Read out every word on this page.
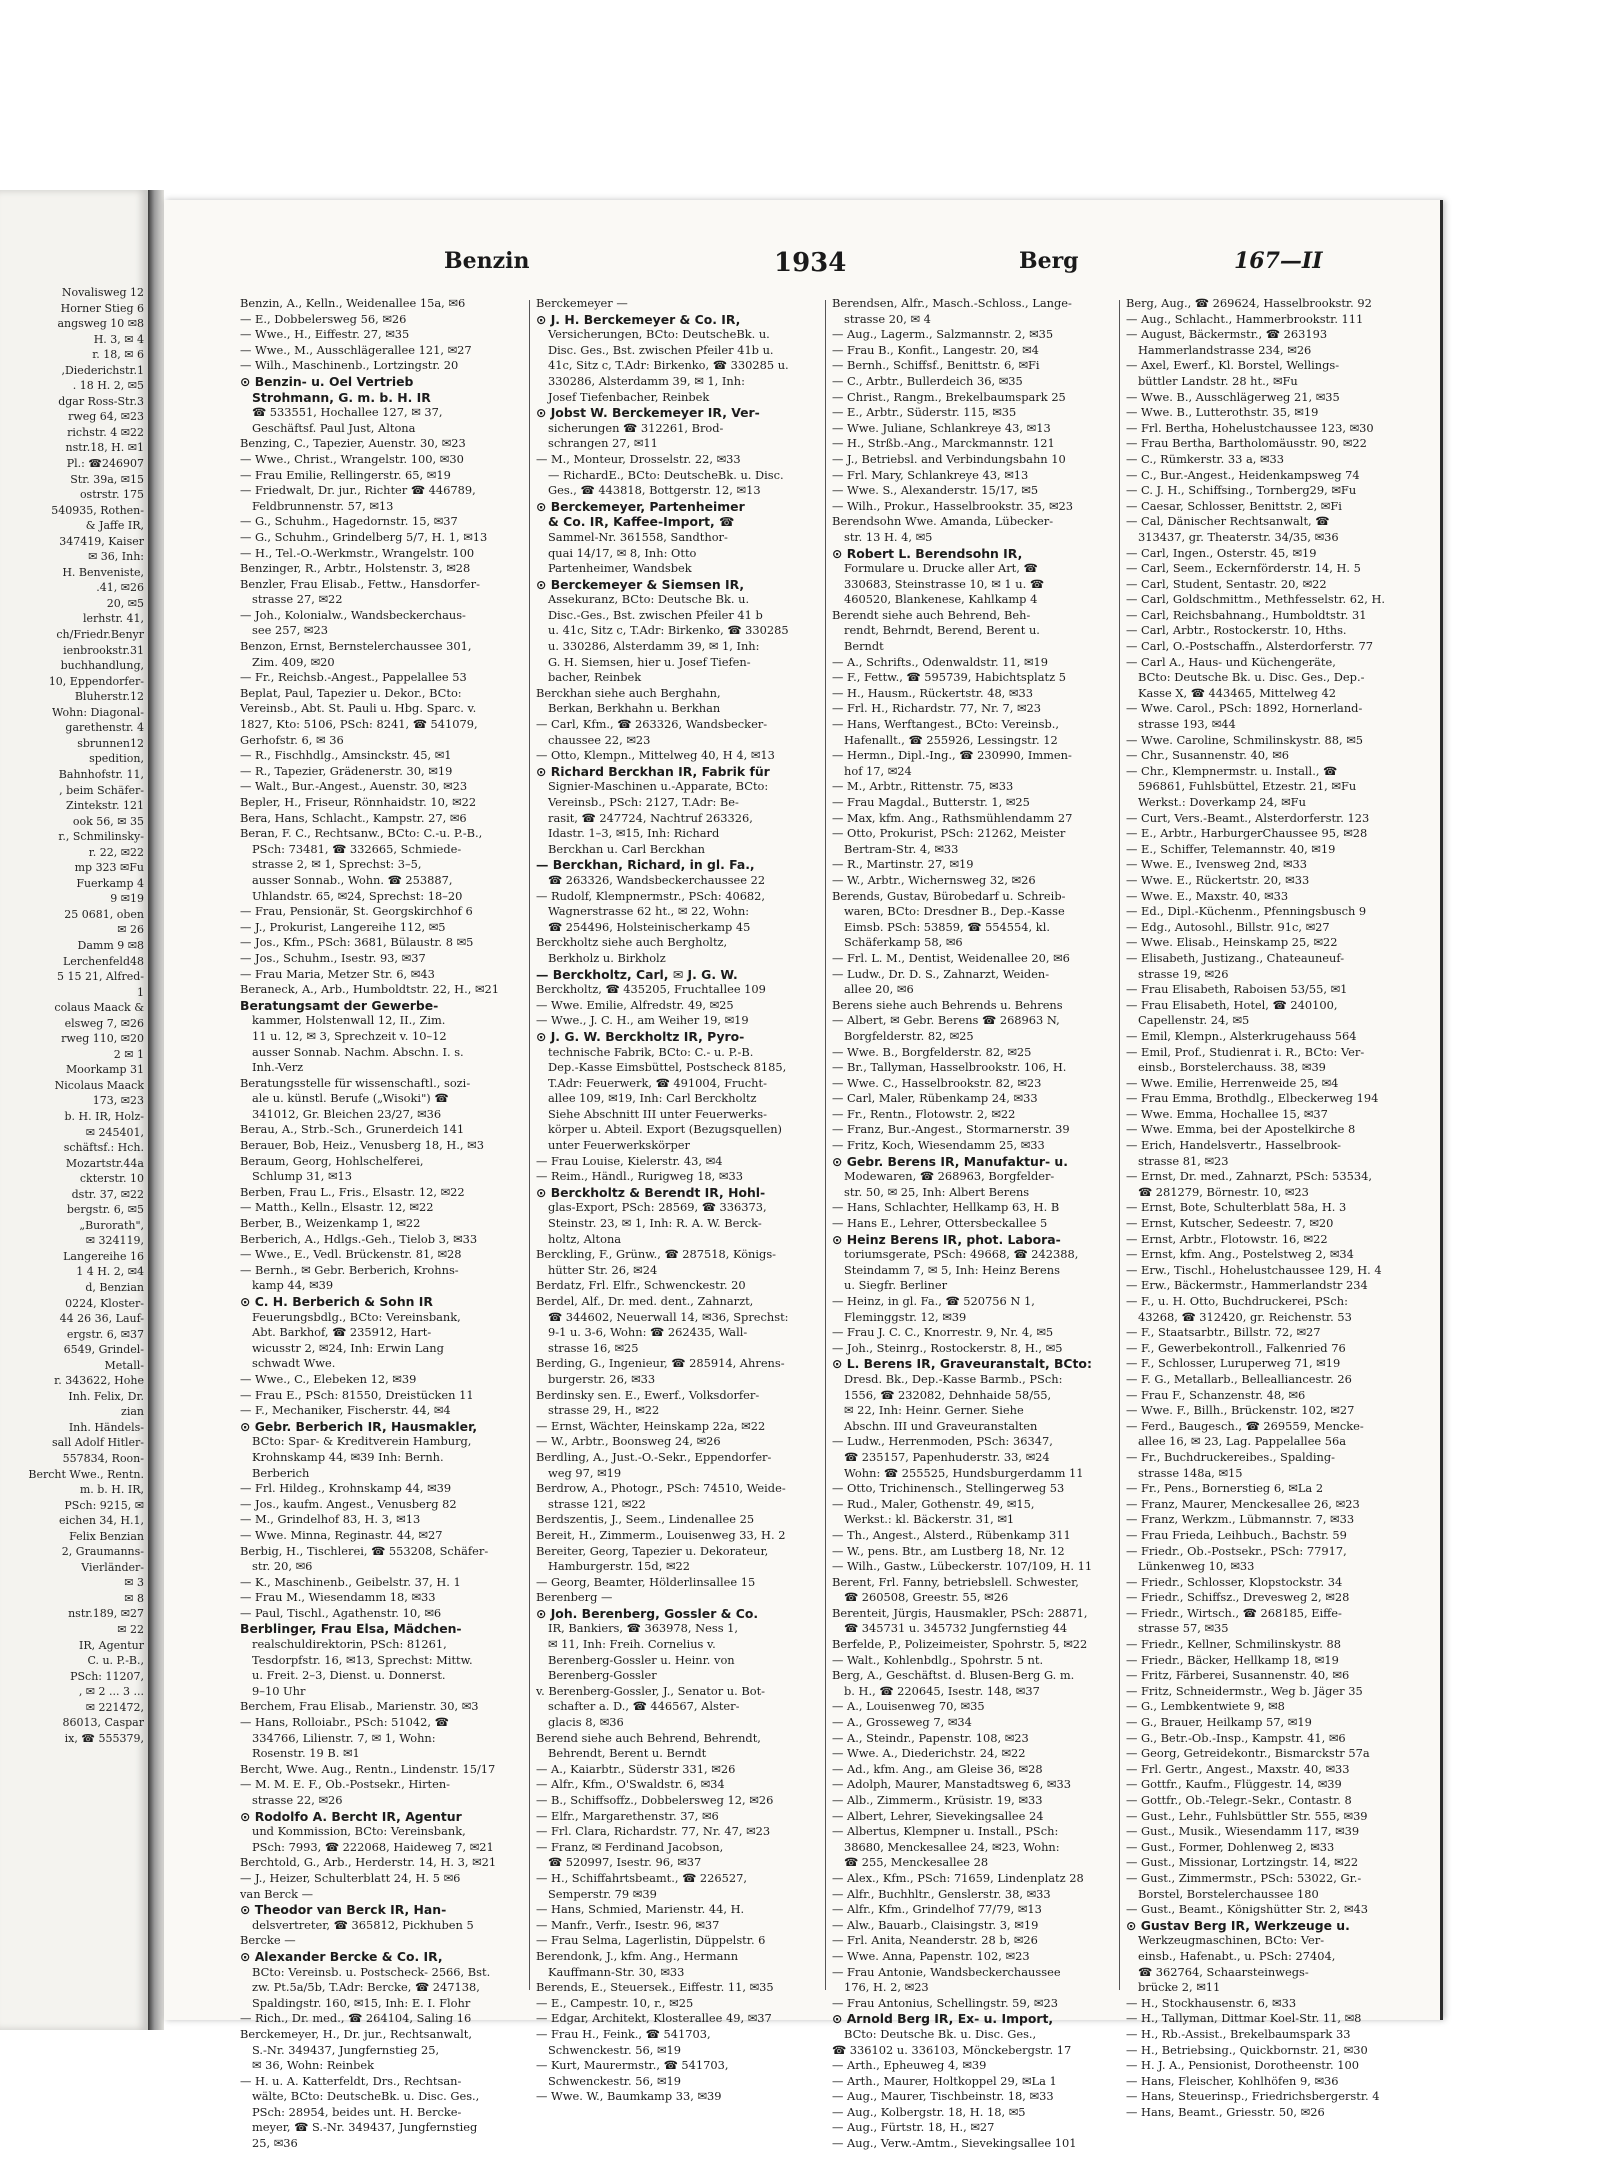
Novalisweg 12
Horner Stieg 6
angsweg 10 ✉8
H. 3, ✉ 4
r. 18, ✉ 6
,Diederichstr.1
. 18 H. 2, ✉5
dgar Ross-Str.3
rweg 64, ✉23
richstr. 4 ✉22
nstr.18, H. ✉1
Pl.: ☎246907
Str. 39a, ✉15
ostrstr. 175
540935, Rothen-
& Jaffe IR,
347419, Kaiser
✉ 36, Inh:
H. Benveniste,
.41, ✉26
20, ✉5
lerhstr. 41,
ch/Friedr.Benyr
ienbrookstr.31
buchhandlung,
10, Eppendorfer-
Bluherstr.12
Wohn: Diagonal-
garethenstr. 4
sbrunnen12
spedition,
Bahnhofstr. 11,
, beim Schäfer-
Zintekstr. 121
ook 56, ✉ 35
r., Schmilinsky-
r. 22, ✉22
mp 323 ✉Fu
Fuerkamp 4
9 ✉19
25 0681, oben
✉ 26
Damm 9 ✉8
Lerchenfeld48
5 15 21, Alfred-
1
colaus Maack &
elsweg 7, ✉26
rweg 110, ✉20
2 ✉ 1
Moorkamp 31
Nicolaus Maack
173, ✉23
b. H. IR, Holz-
✉ 245401,
schäftsf.: Hch.
Mozartstr.44a
ckterstr. 10
dstr. 37, ✉22
bergstr. 6, ✉5
„Burorath",
✉ 324119,
Langereihe 16
1 4 H. 2, ✉4
d, Benzian
0224, Kloster-
44 26 36, Lauf-
ergstr. 6, ✉37
6549, Grindel-
Metall-
r. 343622, Hohe
Inh. Felix, Dr.
zian
Inh. Händels-
sall Adolf Hitler-
557834, Roon-
Bercht Wwe., Rentn.
m. b. H. IR,
PSch: 9215, ✉
eichen 34, H.1,
Felix Benzian
2, Graumanns-
Vierländer-
✉ 3
✉ 8
nstr.189, ✉27
✉ 22
IR, Agentur
C. u. P.-B.,
PSch: 11207,
, ✉ 2 ... 3 ...
✉ 221472,
86013, Caspar
ix, ☎ 555379,
Benzin	1934	Berg	167—II
Benzin, A., Kelln., Weidenallee 15a, ✉6
— E., Dobbelersweg 56, ✉26
— Wwe., H., Eiffestr. 27, ✉35
— Wwe., M., Ausschlägerallee 121, ✉27
— Wilh., Maschinenb., Lortzingstr. 20
⊙ Benzin- u. Oel Vertrieb
Strohmann, G. m. b. H. IR
☎ 533551, Hochallee 127, ✉ 37,
Geschäftsf. Paul Just, Altona
Benzing, C., Tapezier, Auenstr. 30, ✉23
— Wwe., Christ., Wrangelstr. 100, ✉30
— Frau Emilie, Rellingerstr. 65, ✉19
— Friedwalt, Dr. jur., Richter ☎ 446789,
Feldbrunnenstr. 57, ✉13
— G., Schuhm., Hagedornstr. 15, ✉37
— G., Schuhm., Grindelberg 5/7, H. 1, ✉13
— H., Tel.-O.-Werkmstr., Wrangelstr. 100
Benzinger, R., Arbtr., Holstenstr. 3, ✉28
Benzler, Frau Elisab., Fettw., Hansdorfer-
strasse 27, ✉22
— Joh., Kolonialw., Wandsbeckerchaus-
see 257, ✉23
Benzon, Ernst, Bernstelerchaussee 301,
Zim. 409, ✉20
— Fr., Reichsb.-Angest., Pappelallee 53
Beplat, Paul, Tapezier u. Dekor., BCto:
Vereinsb., Abt. St. Pauli u. Hbg. Sparc. v.
1827, Kto: 5106, PSch: 8241, ☎ 541079,
Gerhofstr. 6, ✉ 36
— R., Fischhdlg., Amsinckstr. 45, ✉1
— R., Tapezier, Grädenerstr. 30, ✉19
— Walt., Bur.-Angest., Auenstr. 30, ✉23
Bepler, H., Friseur, Rönnhaidstr. 10, ✉22
Bera, Hans, Schlacht., Kampstr. 27, ✉6
Beran, F. C., Rechtsanw., BCto: C.-u. P.-B.,
PSch: 73481, ☎ 332665, Schmiede-
strasse 2, ✉ 1, Sprechst: 3–5,
ausser Sonnab., Wohn. ☎ 253887,
Uhlandstr. 65, ✉24, Sprechst: 18–20
— Frau, Pensionär, St. Georgskirchhof 6
— J., Prokurist, Langereihe 112, ✉5
— Jos., Kfm., PSch: 3681, Bülaustr. 8 ✉5
— Jos., Schuhm., Isestr. 93, ✉37
— Frau Maria, Metzer Str. 6, ✉43
Beraneck, A., Arb., Humboldtstr. 22, H., ✉21
Beratungsamt der Gewerbe-
kammer, Holstenwall 12, II., Zim.
11 u. 12, ✉ 3, Sprechzeit v. 10–12
ausser Sonnab. Nachm. Abschn. I. s.
Inh.-Verz
Beratungsstelle für wissenschaftl., sozi-
ale u. künstl. Berufe („Wisoki") ☎
341012, Gr. Bleichen 23/27, ✉36
Berau, A., Strb.-Sch., Grunerdeich 141
Berauer, Bob, Heiz., Venusberg 18, H., ✉3
Beraum, Georg, Hohlschelferei,
Schlump 31, ✉13
Berben, Frau L., Fris., Elsastr. 12, ✉22
— Matth., Kelln., Elsastr. 12, ✉22
Berber, B., Weizenkamp 1, ✉22
Berberich, A., Hdlgs.-Geh., Tielob 3, ✉33
— Wwe., E., Vedl. Brückenstr. 81, ✉28
— Bernh., ✉ Gebr. Berberich, Krohns-
kamp 44, ✉39
⊙ C. H. Berberich & Sohn IR
Feuerungsbdlg., BCto: Vereinsbank,
Abt. Barkhof, ☎ 235912, Hart-
wicusstr 2, ✉24, Inh: Erwin Lang
schwadt Wwe.
— Wwe., C., Elebeken 12, ✉39
— Frau E., PSch: 81550, Dreistücken 11
— F., Mechaniker, Fischerstr. 44, ✉4
⊙ Gebr. Berberich IR, Hausmakler,
BCto: Spar- & Kreditverein Hamburg,
Krohnskamp 44, ✉39 Inh: Bernh.
Berberich
— Frl. Hildeg., Krohnskamp 44, ✉39
— Jos., kaufm. Angest., Venusberg 82
— M., Grindelhof 83, H. 3, ✉13
— Wwe. Minna, Reginastr. 44, ✉27
Berbig, H., Tischlerei, ☎ 553208, Schäfer-
str. 20, ✉6
— K., Maschinenb., Geibelstr. 37, H. 1
— Frau M., Wiesendamm 18, ✉33
— Paul, Tischl., Agathenstr. 10, ✉6
Berblinger, Frau Elsa, Mädchen-
realschuldirektorin, PSch: 81261,
Tesdorpfstr. 16, ✉13, Sprechst: Mittw.
u. Freit. 2–3, Dienst. u. Donnerst.
9–10 Uhr
Berchem, Frau Elisab., Marienstr. 30, ✉3
— Hans, Rolloiabr., PSch: 51042, ☎
334766, Lilienstr. 7, ✉ 1, Wohn:
Rosenstr. 19 B. ✉1
Bercht, Wwe. Aug., Rentn., Lindenstr. 15/17
— M. M. E. F., Ob.-Postsekr., Hirten-
strasse 22, ✉26
⊙ Rodolfo A. Bercht IR, Agentur
und Kommission, BCto: Vereinsbank,
PSch: 7993, ☎ 222068, Haideweg 7, ✉21
Berchtold, G., Arb., Herderstr. 14, H. 3, ✉21
— J., Heizer, Schulterblatt 24, H. 5 ✉6
van Berck —
⊙ Theodor van Berck IR, Han-
delsvertreter, ☎ 365812, Pickhuben 5
Bercke —
⊙ Alexander Bercke & Co. IR,
BCto: Vereinsb. u. Postscheck- 2566, Bst.
zw. Pt.5a/5b, T.Adr: Bercke, ☎ 247138,
Spaldingstr. 160, ✉15, Inh: E. I. Flohr
— Rich., Dr. med., ☎ 264104, Saling 16
Berckemeyer, H., Dr. jur., Rechtsanwalt,
S.-Nr. 349437, Jungfernstieg 25,
✉ 36, Wohn: Reinbek
— H. u. A. Katterfeldt, Drs., Rechtsan-
wälte, BCto: DeutscheBk. u. Disc. Ges.,
PSch: 28954, beides unt. H. Bercke-
meyer, ☎ S.-Nr. 349437, Jungfernstieg
25, ✉36
Berckemeyer —
⊙ J. H. Berckemeyer & Co. IR,
Versicherungen, BCto: DeutscheBk. u.
Disc. Ges., Bst. zwischen Pfeiler 41b u.
41c, Sitz c, T.Adr: Birkenko, ☎ 330285 u.
330286, Alsterdamm 39, ✉ 1, Inh:
Josef Tiefenbacher, Reinbek
⊙ Jobst W. Berckemeyer IR, Ver-
sicherungen ☎ 312261, Brod-
schrangen 27, ✉11
— M., Monteur, Drosselstr. 22, ✉33
— RichardE., BCto: DeutscheBk. u. Disc.
Ges., ☎ 443818, Bottgerstr. 12, ✉13
⊙ Berckemeyer, Partenheimer
& Co. IR, Kaffee-Import, ☎
Sammel-Nr. 361558, Sandthor-
quai 14/17, ✉ 8, Inh: Otto
Partenheimer, Wandsbek
⊙ Berckemeyer & Siemsen IR,
Assekuranz, BCto: Deutsche Bk. u.
Disc.-Ges., Bst. zwischen Pfeiler 41 b
u. 41c, Sitz c, T.Adr: Birkenko, ☎ 330285
u. 330286, Alsterdamm 39, ✉ 1, Inh:
G. H. Siemsen, hier u. Josef Tiefen-
bacher, Reinbek
Berckhan siehe auch Berghahn,
Berkan, Berkhahn u. Berkhan
— Carl, Kfm., ☎ 263326, Wandsbecker-
chaussee 22, ✉23
— Otto, Klempn., Mittelweg 40, H 4, ✉13
⊙ Richard Berckhan IR, Fabrik für
Signier-Maschinen u.-Apparate, BCto:
Vereinsb., PSch: 2127, T.Adr: Be-
rasit, ☎ 247724, Nachtruf 263326,
Idastr. 1–3, ✉15, Inh: Richard
Berckhan u. Carl Berckhan
— Berckhan, Richard, in gl. Fa.,
☎ 263326, Wandsbeckerchaussee 22
— Rudolf, Klempnermstr., PSch: 40682,
Wagnerstrasse 62 ht., ✉ 22, Wohn:
☎ 254496, Holsteinischerkamp 45
Berckholtz siehe auch Bergholtz,
Berkholz u. Birkholz
— Berckholtz, Carl, ✉ J. G. W.
Berckholtz, ☎ 435205, Fruchtallee 109
— Wwe. Emilie, Alfredstr. 49, ✉25
— Wwe., J. C. H., am Weiher 19, ✉19
⊙ J. G. W. Berckholtz IR, Pyro-
technische Fabrik, BCto: C.- u. P.-B.
Dep.-Kasse Eimsbüttel, Postscheck 8185,
T.Adr: Feuerwerk, ☎ 491004, Frucht-
allee 109, ✉19, Inh: Carl Berckholtz
Siehe Abschnitt III unter Feuerwerks-
körper u. Abteil. Export (Bezugsquellen)
unter Feuerwerkskörper
— Frau Louise, Kielerstr. 43, ✉4
— Reim., Händl., Rurigweg 18, ✉33
⊙ Berckholtz & Berendt IR, Hohl-
glas-Export, PSch: 28569, ☎ 336373,
Steinstr. 23, ✉ 1, Inh: R. A. W. Berck-
holtz, Altona
Berckling, F., Grünw., ☎ 287518, Königs-
hütter Str. 26, ✉24
Berdatz, Frl. Elfr., Schwenckestr. 20
Berdel, Alf., Dr. med. dent., Zahnarzt,
☎ 344602, Neuerwall 14, ✉36, Sprechst:
9-1 u. 3-6, Wohn: ☎ 262435, Wall-
strasse 16, ✉25
Berding, G., Ingenieur, ☎ 285914, Ahrens-
burgerstr. 26, ✉33
Berdinsky sen. E., Ewerf., Volksdorfer-
strasse 29, H., ✉22
— Ernst, Wächter, Heinskamp 22a, ✉22
— W., Arbtr., Boonsweg 24, ✉26
Berdling, A., Just.-O.-Sekr., Eppendorfer-
weg 97, ✉19
Berdrow, A., Photogr., PSch: 74510, Weide-
strasse 121, ✉22
Berdszentis, J., Seem., Lindenallee 25
Bereit, H., Zimmerm., Louisenweg 33, H. 2
Bereiter, Georg, Tapezier u. Dekorateur,
Hamburgerstr. 15d, ✉22
— Georg, Beamter, Hölderlinsallee 15
Berenberg —
⊙ Joh. Berenberg, Gossler & Co.
IR, Bankiers, ☎ 363978, Ness 1,
✉ 11, Inh: Freih. Cornelius v.
Berenberg-Gossler u. Heinr. von
Berenberg-Gossler
v. Berenberg-Gossler, J., Senator u. Bot-
schafter a. D., ☎ 446567, Alster-
glacis 8, ✉36
Berend siehe auch Behrend, Behrendt,
Behrendt, Berent u. Berndt
— A., Kaiarbtr., Süderstr 331, ✉26
— Alfr., Kfm., O'Swaldstr. 6, ✉34
— B., Schiffsoffz., Dobbelersweg 12, ✉26
— Elfr., Margarethenstr. 37, ✉6
— Frl. Clara, Richardstr. 77, Nr. 47, ✉23
— Franz, ✉ Ferdinand Jacobson,
☎ 520997, Isestr. 96, ✉37
— H., Schiffahrtsbeamt., ☎ 226527,
Semperstr. 79 ✉39
— Hans, Schmied, Marienstr. 44, H.
— Manfr., Verfr., Isestr. 96, ✉37
— Frau Selma, Lagerlistin, Düppelstr. 6
Berendonk, J., kfm. Ang., Hermann
Kauffmann-Str. 30, ✉33
Berends, E., Steuersek., Eiffestr. 11, ✉35
— E., Campestr. 10, r., ✉25
— Edgar, Architekt, Klosterallee 49, ✉37
— Frau H., Feink., ☎ 541703,
Schwenckestr. 56, ✉19
— Kurt, Maurermstr., ☎ 541703,
Schwenckestr. 56, ✉19
— Wwe. W., Baumkamp 33, ✉39
Berendsen, Alfr., Masch.-Schloss., Lange-
strasse 20, ✉ 4
— Aug., Lagerm., Salzmannstr. 2, ✉35
— Frau B., Konfit., Langestr. 20, ✉4
— Bernh., Schiffsf., Benittstr. 6, ✉Fi
— C., Arbtr., Bullerdeich 36, ✉35
— Christ., Rangm., Brekelbaumspark 25
— E., Arbtr., Süderstr. 115, ✉35
— Wwe. Juliane, Schlankreye 43, ✉13
— H., Strßb.-Ang., Marckmannstr. 121
— J., Betriebsl. and Verbindungsbahn 10
— Frl. Mary, Schlankreye 43, ✉13
— Wwe. S., Alexanderstr. 15/17, ✉5
— Wilh., Prokur., Hasselbrookstr. 35, ✉23
Berendsohn Wwe. Amanda, Lübecker-
str. 13 H. 4, ✉5
⊙ Robert L. Berendsohn IR,
Formulare u. Drucke aller Art, ☎
330683, Steinstrasse 10, ✉ 1 u. ☎
460520, Blankenese, Kahlkamp 4
Berendt siehe auch Behrend, Beh-
rendt, Behrndt, Berend, Berent u.
Berndt
— A., Schrifts., Odenwaldstr. 11, ✉19
— F., Fettw., ☎ 595739, Habichtsplatz 5
— H., Hausm., Rückertstr. 48, ✉33
— Frl. H., Richardstr. 77, Nr. 7, ✉23
— Hans, Werftangest., BCto: Vereinsb.,
Hafenallt., ☎ 255926, Lessingstr. 12
— Hermn., Dipl.-Ing., ☎ 230990, Immen-
hof 17, ✉24
— M., Arbtr., Rittenstr. 75, ✉33
— Frau Magdal., Butterstr. 1, ✉25
— Max, kfm. Ang., Rathsmühlendamm 27
— Otto, Prokurist, PSch: 21262, Meister
Bertram-Str. 4, ✉33
— R., Martinstr. 27, ✉19
— W., Arbtr., Wichernsweg 32, ✉26
Berends, Gustav, Bürobedarf u. Schreib-
waren, BCto: Dresdner B., Dep.-Kasse
Eimsb. PSch: 53859, ☎ 554554, kl.
Schäferkamp 58, ✉6
— Frl. L. M., Dentist, Weidenallee 20, ✉6
— Ludw., Dr. D. S., Zahnarzt, Weiden-
allee 20, ✉6
Berens siehe auch Behrends u. Behrens
— Albert, ✉ Gebr. Berens ☎ 268963 N,
Borgfelderstr. 82, ✉25
— Wwe. B., Borgfelderstr. 82, ✉25
— Br., Tallyman, Hasselbrookstr. 106, H.
— Wwe. C., Hasselbrookstr. 82, ✉23
— Carl, Maler, Rübenkamp 24, ✉33
— Fr., Rentn., Flotowstr. 2, ✉22
— Franz, Bur.-Angest., Stormarnerstr. 39
— Fritz, Koch, Wiesendamm 25, ✉33
⊙ Gebr. Berens IR, Manufaktur- u.
Modewaren, ☎ 268963, Borgfelder-
str. 50, ✉ 25, Inh: Albert Berens
— Hans, Schlachter, Hellkamp 63, H. B
— Hans E., Lehrer, Ottersbeckallee 5
⊙ Heinz Berens IR, phot. Labora-
toriumsgerate, PSch: 49668, ☎ 242388,
Steindamm 7, ✉ 5, Inh: Heinz Berens
u. Siegfr. Berliner
— Heinz, in gl. Fa., ☎ 520756 N 1,
Fleminggstr. 12, ✉39
— Frau J. C. C., Knorrestr. 9, Nr. 4, ✉5
— Joh., Steinrg., Rostockerstr. 8, H., ✉5
⊙ L. Berens IR, Graveuranstalt, BCto:
Dresd. Bk., Dep.-Kasse Barmb., PSch:
1556, ☎ 232082, Dehnhaide 58/55,
✉ 22, Inh: Heinr. Gerner. Siehe
Abschn. III und Graveuranstalten
— Ludw., Herrenmoden, PSch: 36347,
☎ 235157, Papenhuderstr. 33, ✉24
Wohn: ☎ 255525, Hundsburgerdamm 11
— Otto, Trichinensch., Stellingerweg 53
— Rud., Maler, Gothenstr. 49, ✉15,
Werkst.: kl. Bäckerstr. 31, ✉1
— Th., Angest., Alsterd., Rübenkamp 311
— W., pens. Btr., am Lustberg 18, Nr. 12
— Wilh., Gastw., Lübeckerstr. 107/109, H. 11
Berent, Frl. Fanny, betriebslell. Schwester,
☎ 260508, Greestr. 55, ✉26
Berenteit, Jürgis, Hausmakler, PSch: 28871,
☎ 345731 u. 345732 Jungfernstieg 44
Berfelde, P., Polizeimeister, Spohrstr. 5, ✉22
— Walt., Kohlenbdlg., Spohrstr. 5 nt.
Berg, A., Geschäftst. d. Blusen-Berg G. m.
b. H., ☎ 220645, Isestr. 148, ✉37
— A., Louisenweg 70, ✉35
— A., Grosseweg 7, ✉34
— A., Steindr., Papenstr. 108, ✉23
— Wwe. A., Diederichstr. 24, ✉22
— Ad., kfm. Ang., am Gleise 36, ✉28
— Adolph, Maurer, Manstadtsweg 6, ✉33
— Alb., Zimmerm., Krüsistr. 19, ✉33
— Albert, Lehrer, Sievekingsallee 24
— Albertus, Klempner u. Install., PSch:
38680, Menckesallee 24, ✉23, Wohn:
☎ 255, Menckesallee 28
— Alex., Kfm., PSch: 71659, Lindenplatz 28
— Alfr., Buchhltr., Genslerstr. 38, ✉33
— Alfr., Kfm., Grindelhof 77/79, ✉13
— Alw., Bauarb., Claisingstr. 3, ✉19
— Frl. Anita, Neanderstr. 28 b, ✉26
— Wwe. Anna, Papenstr. 102, ✉23
— Frau Antonie, Wandsbeckerchaussee
176, H. 2, ✉23
— Frau Antonius, Schellingstr. 59, ✉23
⊙ Arnold Berg IR, Ex- u. Import,
BCto: Deutsche Bk. u. Disc. Ges.,
☎ 336102 u. 336103, Mönckebergstr. 17
— Arth., Epheuweg 4, ✉39
— Arth., Maurer, Holtkoppel 29, ✉La 1
— Aug., Maurer, Tischbeinstr. 18, ✉33
— Aug., Kolbergstr. 18, H. 18, ✉5
— Aug., Fürtstr. 18, H., ✉27
— Aug., Verw.-Amtm., Sievekingsallee 101
Berg, Aug., ☎ 269624, Hasselbrookstr. 92
— Aug., Schlacht., Hammerbrookstr. 111
— August, Bäckermstr., ☎ 263193
Hammerlandstrasse 234, ✉26
— Axel, Ewerf., Kl. Borstel, Wellings-
büttler Landstr. 28 ht., ✉Fu
— Wwe. B., Ausschlägerweg 21, ✉35
— Wwe. B., Lutterothstr. 35, ✉19
— Frl. Bertha, Hohelustchaussee 123, ✉30
— Frau Bertha, Bartholomäusstr. 90, ✉22
— C., Rümkerstr. 33 a, ✉33
— C., Bur.-Angest., Heidenkampsweg 74
— C. J. H., Schiffsing., Tornberg29, ✉Fu
— Caesar, Schlosser, Benittstr. 2, ✉Fi
— Cal, Dänischer Rechtsanwalt, ☎
313437, gr. Theaterstr. 34/35, ✉36
— Carl, Ingen., Osterstr. 45, ✉19
— Carl, Seem., Eckernförderstr. 14, H. 5
— Carl, Student, Sentastr. 20, ✉22
— Carl, Goldschmittm., Methfesselstr. 62, H.
— Carl, Reichsbahnang., Humboldtstr. 31
— Carl, Arbtr., Rostockerstr. 10, Hths.
— Carl, O.-Postschaffn., Alsterdorferstr. 77
— Carl A., Haus- und Küchengeräte,
BCto: Deutsche Bk. u. Disc. Ges., Dep.-
Kasse X, ☎ 443465, Mittelweg 42
— Wwe. Carol., PSch: 1892, Hornerland-
strasse 193, ✉44
— Wwe. Caroline, Schmilinskystr. 88, ✉5
— Chr., Susannenstr. 40, ✉6
— Chr., Klempnermstr. u. Install., ☎
596861, Fuhlsbüttel, Etzestr. 21, ✉Fu
Werkst.: Doverkamp 24, ✉Fu
— Curt, Vers.-Beamt., Alsterdorferstr. 123
— E., Arbtr., HarburgerChaussee 95, ✉28
— E., Schiffer, Telemannstr. 40, ✉19
— Wwe. E., Ivensweg 2nd, ✉33
— Wwe. E., Rückertstr. 20, ✉33
— Wwe. E., Maxstr. 40, ✉33
— Ed., Dipl.-Küchenm., Pfenningsbusch 9
— Edg., Autosohl., Billstr. 91c, ✉27
— Wwe. Elisab., Heinskamp 25, ✉22
— Elisabeth, Justizang., Chateauneuf-
strasse 19, ✉26
— Frau Elisabeth, Raboisen 53/55, ✉1
— Frau Elisabeth, Hotel, ☎ 240100,
Capellenstr. 24, ✉5
— Emil, Klempn., Alsterkrugehauss 564
— Emil, Prof., Studienrat i. R., BCto: Ver-
einsb., Borstelerchauss. 38, ✉39
— Wwe. Emilie, Herrenweide 25, ✉4
— Frau Emma, Brothdlg., Elbeckerweg 194
— Wwe. Emma, Hochallee 15, ✉37
— Wwe. Emma, bei der Apostelkirche 8
— Erich, Handelsvertr., Hasselbrook-
strasse 81, ✉23
— Ernst, Dr. med., Zahnarzt, PSch: 53534,
☎ 281279, Börnestr. 10, ✉23
— Ernst, Bote, Schulterblatt 58a, H. 3
— Ernst, Kutscher, Sedeestr. 7, ✉20
— Ernst, Arbtr., Flotowstr. 16, ✉22
— Ernst, kfm. Ang., Postelstweg 2, ✉34
— Erw., Tischl., Hohelustchaussee 129, H. 4
— Erw., Bäckermstr., Hammerlandstr 234
— F., u. H. Otto, Buchdruckerei, PSch:
43268, ☎ 312420, gr. Reichenstr. 53
— F., Staatsarbtr., Billstr. 72, ✉27
— F., Gewerbekontroll., Falkenried 76
— F., Schlosser, Luruperweg 71, ✉19
— F. G., Metallarb., Bellealliancestr. 26
— Frau F., Schanzenstr. 48, ✉6
— Wwe. F., Billh., Brückenstr. 102, ✉27
— Ferd., Baugesch., ☎ 269559, Mencke-
allee 16, ✉ 23, Lag. Pappelallee 56a
— Fr., Buchdruckereibes., Spalding-
strasse 148a, ✉15
— Fr., Pens., Bornerstieg 6, ✉La 2
— Franz, Maurer, Menckesallee 26, ✉23
— Franz, Werkzm., Lübmannstr. 7, ✉33
— Frau Frieda, Leihbuch., Bachstr. 59
— Friedr., Ob.-Postsekr., PSch: 77917,
Lünkenweg 10, ✉33
— Friedr., Schlosser, Klopstockstr. 34
— Friedr., Schiffsz., Drevesweg 2, ✉28
— Friedr., Wirtsch., ☎ 268185, Eiffe-
strasse 57, ✉35
— Friedr., Kellner, Schmilinskystr. 88
— Friedr., Bäcker, Hellkamp 18, ✉19
— Fritz, Färberei, Susannenstr. 40, ✉6
— Fritz, Schneidermstr., Weg b. Jäger 35
— G., Lembkentwiete 9, ✉8
— G., Brauer, Heilkamp 57, ✉19
— G., Betr.-Ob.-Insp., Kampstr. 41, ✉6
— Georg, Getreidekontr., Bismarckstr 57a
— Frl. Gertr., Angest., Maxstr. 40, ✉33
— Gottfr., Kaufm., Flüggestr. 14, ✉39
— Gottfr., Ob.-Telegr.-Sekr., Contastr. 8
— Gust., Lehr., Fuhlsbüttler Str. 555, ✉39
— Gust., Musik., Wiesendamm 117, ✉39
— Gust., Former, Dohlenweg 2, ✉33
— Gust., Missionar, Lortzingstr. 14, ✉22
— Gust., Zimmermstr., PSch: 53022, Gr.-
Borstel, Borstelerchaussee 180
— Gust., Beamt., Königshütter Str. 2, ✉43
⊙ Gustav Berg IR, Werkzeuge u.
Werkzeugmaschinen, BCto: Ver-
einsb., Hafenabt., u. PSch: 27404,
☎ 362764, Schaarsteinwegs-
brücke 2, ✉11
— H., Stockhausenstr. 6, ✉33
— H., Tallyman, Dittmar Koel-Str. 11, ✉8
— H., Rb.-Assist., Brekelbaumspark 33
— H., Betriebsing., Quickbornstr. 21, ✉30
— H. J. A., Pensionist, Dorotheenstr. 100
— Hans, Fleischer, Kohlhöfen 9, ✉36
— Hans, Steuerinsp., Friedrichsbergerstr. 4
— Hans, Beamt., Griesstr. 50, ✉26
